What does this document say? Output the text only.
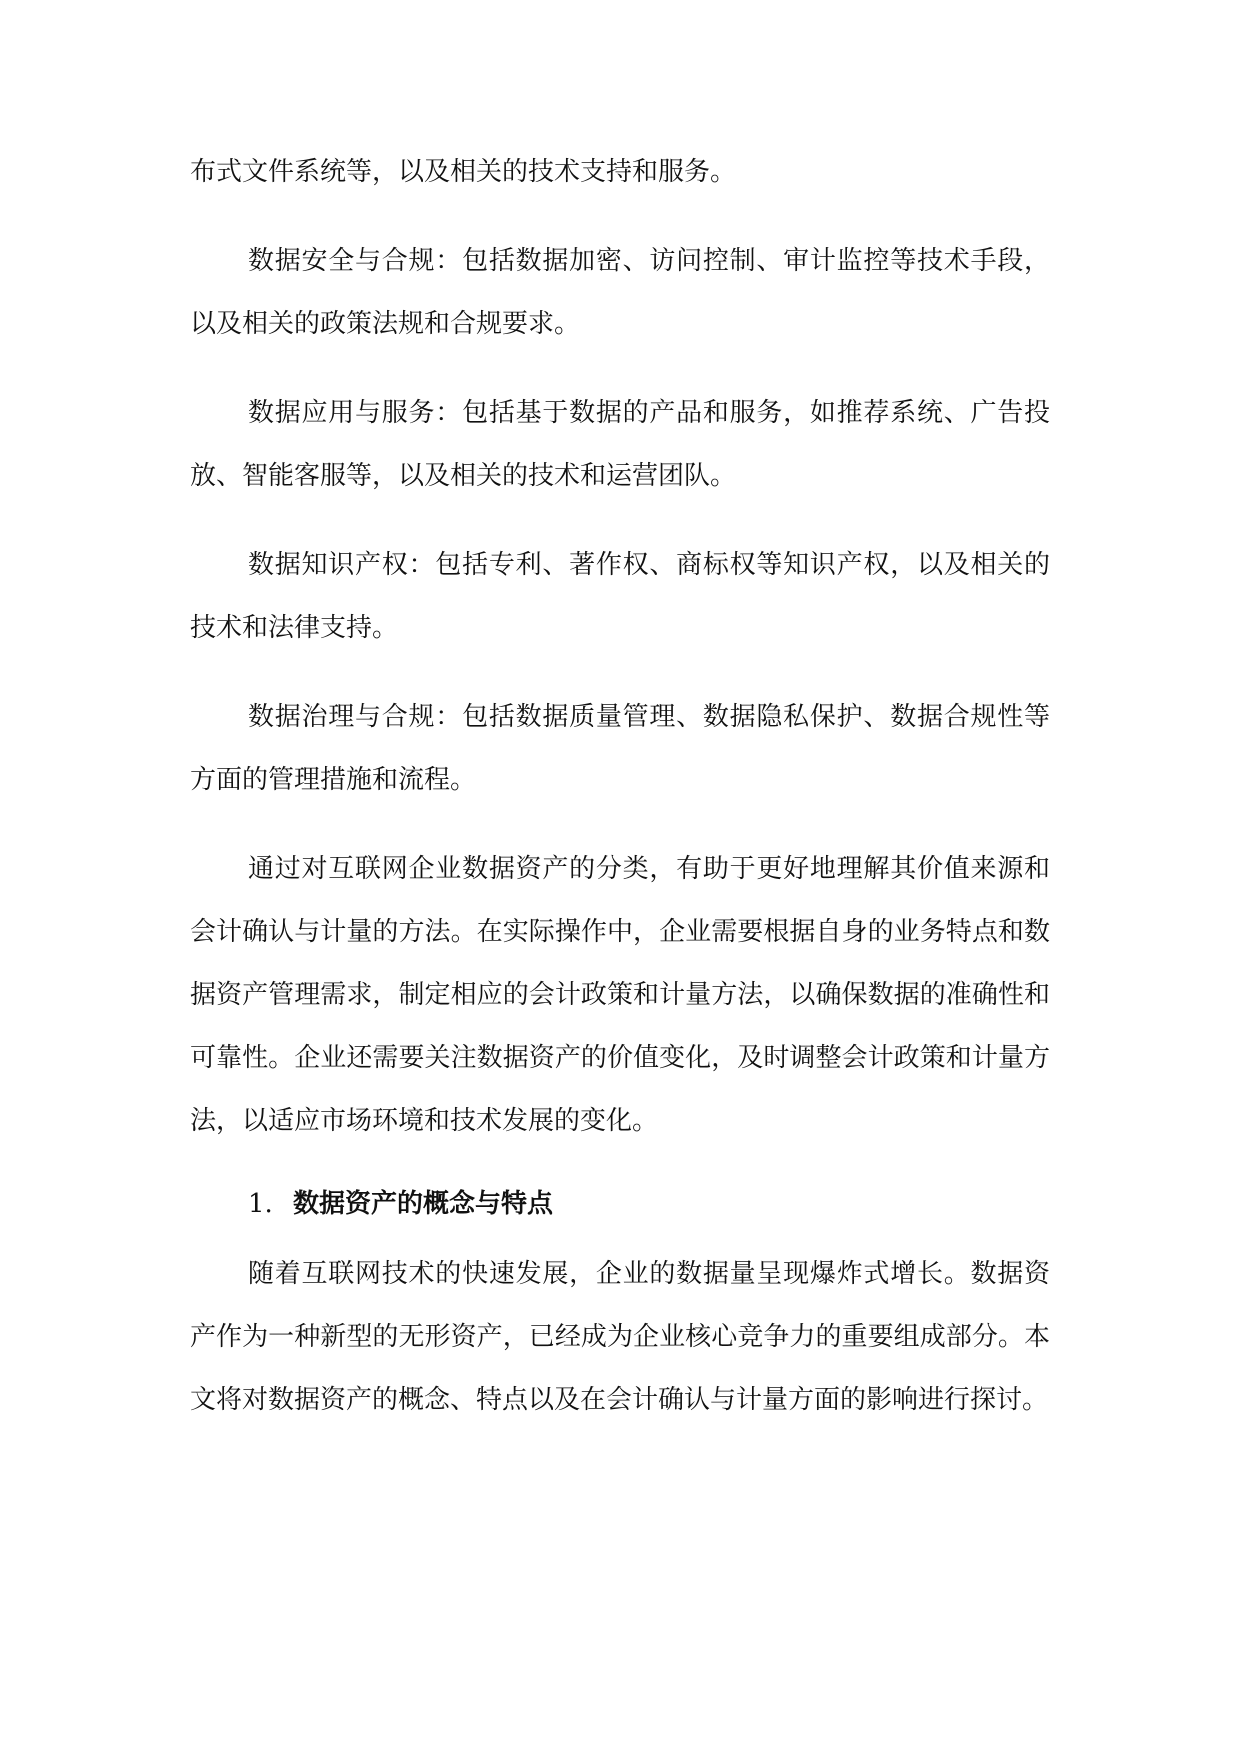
布式文件系统等，以及相关的技术支持和服务。

数据安全与合规：包括数据加密、访问控制、审计监控等技术手段，以及相关的政策法规和合规要求。

数据应用与服务：包括基于数据的产品和服务，如推荐系统、广告投放、智能客服等，以及相关的技术和运营团队。

数据知识产权：包括专利、著作权、商标权等知识产权，以及相关的技术和法律支持。

数据治理与合规：包括数据质量管理、数据隐私保护、数据合规性等方面的管理措施和流程。

通过对互联网企业数据资产的分类，有助于更好地理解其价值来源和会计确认与计量的方法。在实际操作中，企业需要根据自身的业务特点和数据资产管理需求，制定相应的会计政策和计量方法，以确保数据的准确性和可靠性。企业还需要关注数据资产的价值变化，及时调整会计政策和计量方法，以适应市场环境和技术发展的变化。

1. 数据资产的概念与特点

随着互联网技术的快速发展，企业的数据量呈现爆炸式增长。数据资产作为一种新型的无形资产，已经成为企业核心竞争力的重要组成部分。本文将对数据资产的概念、特点以及在会计确认与计量方面的影响进行探讨。
